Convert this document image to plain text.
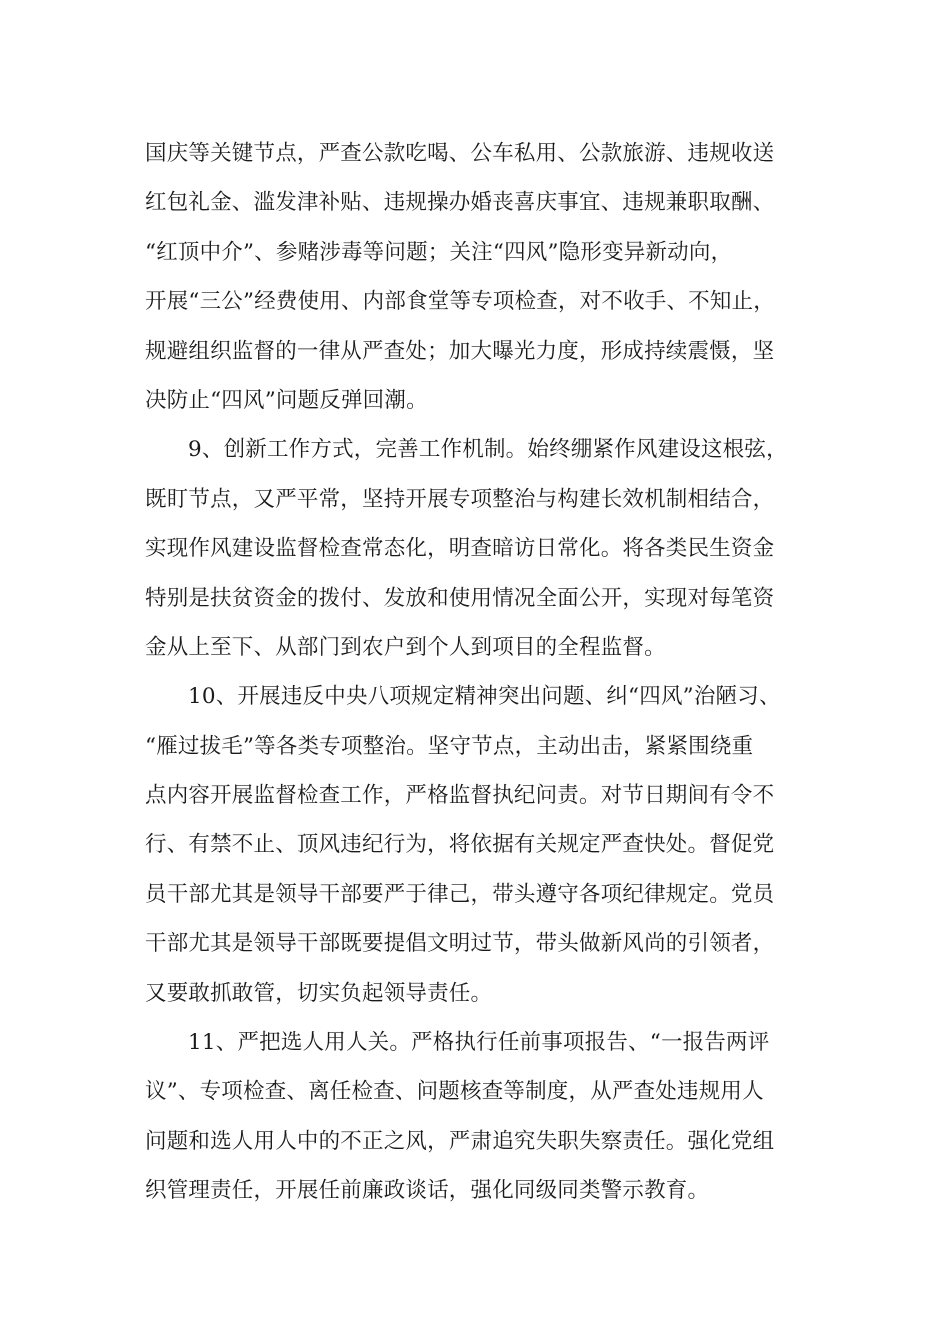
国庆等关键节点，严查公款吃喝、公车私用、公款旅游、违规收送
红包礼金、滥发津补贴、违规操办婚丧喜庆事宜、违规兼职取酬、
“红顶中介”、参赌涉毒等问题；关注“四风”隐形变异新动向，
开展“三公”经费使用、内部食堂等专项检查，对不收手、不知止，
规避组织监督的一律从严查处；加大曝光力度，形成持续震慑，坚
决防止“四风”问题反弹回潮。
9、创新工作方式，完善工作机制。始终绷紧作风建设这根弦，
既盯节点，又严平常，坚持开展专项整治与构建长效机制相结合，
实现作风建设监督检查常态化，明查暗访日常化。将各类民生资金
特别是扶贫资金的拨付、发放和使用情况全面公开，实现对每笔资
金从上至下、从部门到农户到个人到项目的全程监督。
10、开展违反中央八项规定精神突出问题、纠“四风”治陋习、
“雁过拔毛”等各类专项整治。坚守节点，主动出击，紧紧围绕重
点内容开展监督检查工作，严格监督执纪问责。对节日期间有令不
行、有禁不止、顶风违纪行为，将依据有关规定严查快处。督促党
员干部尤其是领导干部要严于律己，带头遵守各项纪律规定。党员
干部尤其是领导干部既要提倡文明过节，带头做新风尚的引领者，
又要敢抓敢管，切实负起领导责任。
11、严把选人用人关。严格执行任前事项报告、“一报告两评
议”、专项检查、离任检查、问题核查等制度，从严查处违规用人
问题和选人用人中的不正之风，严肃追究失职失察责任。强化党组
织管理责任，开展任前廉政谈话，强化同级同类警示教育。
